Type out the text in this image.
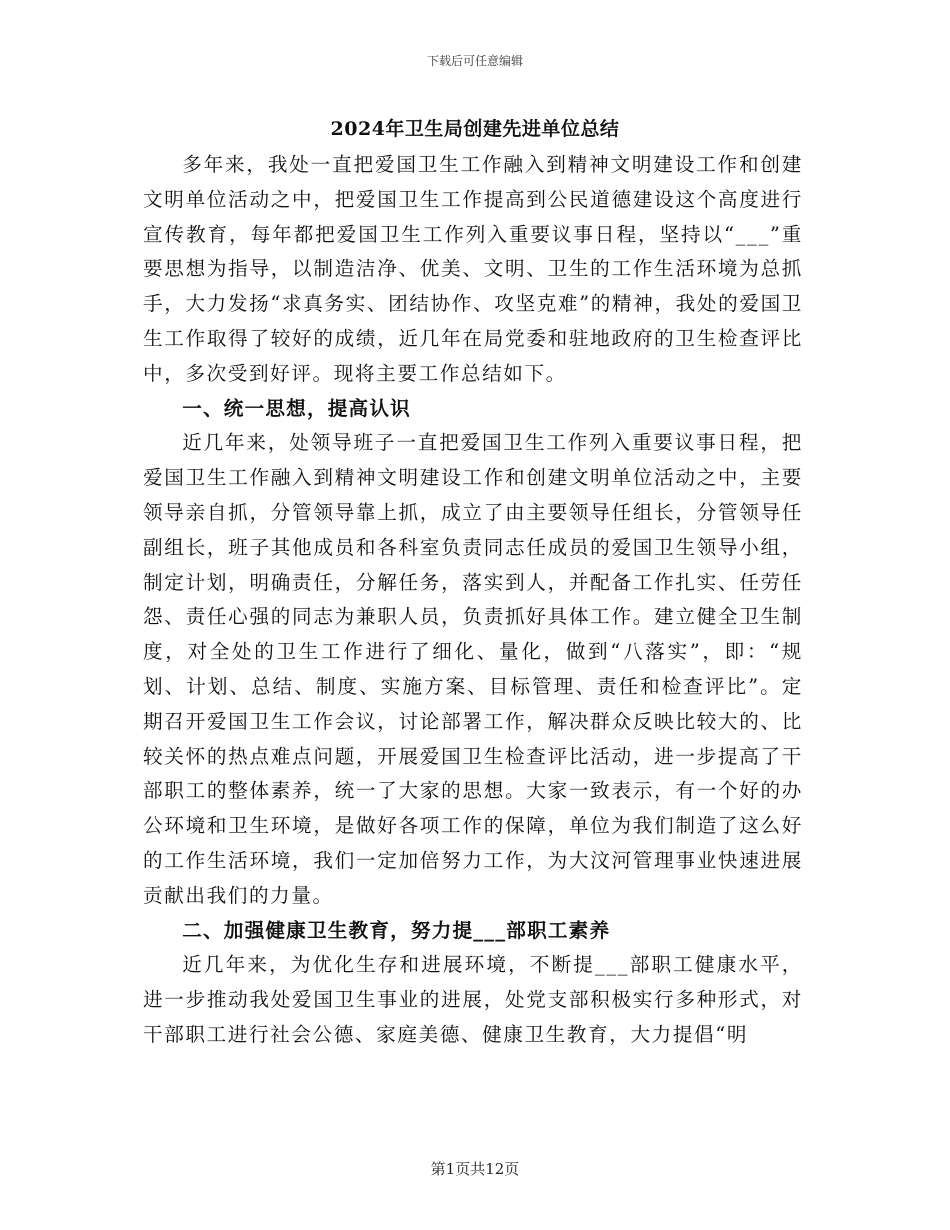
下载后可任意编辑
2024年卫生局创建先进单位总结

多年来，我处一直把爱国卫生工作融入到精神文明建设工作和创建文明单位活动之中，把爱国卫生工作提高到公民道德建设这个高度进行宣传教育，每年都把爱国卫生工作列入重要议事日程，坚持以“___”重要思想为指导，以制造洁净、优美、文明、卫生的工作生活环境为总抓手，大力发扬“求真务实、团结协作、攻坚克难”的精神，我处的爱国卫生工作取得了较好的成绩，近几年在局党委和驻地政府的卫生检查评比中，多次受到好评。现将主要工作总结如下。

一、统一思想，提高认识

近几年来，处领导班子一直把爱国卫生工作列入重要议事日程，把爱国卫生工作融入到精神文明建设工作和创建文明单位活动之中，主要领导亲自抓，分管领导靠上抓，成立了由主要领导任组长，分管领导任副组长，班子其他成员和各科室负责同志任成员的爱国卫生领导小组，制定计划，明确责任，分解任务，落实到人，并配备工作扎实、任劳任怨、责任心强的同志为兼职人员，负责抓好具体工作。建立健全卫生制度，对全处的卫生工作进行了细化、量化，做到“八落实”，即：“规划、计划、总结、制度、实施方案、目标管理、责任和检查评比”。定期召开爱国卫生工作会议，讨论部署工作，解决群众反映比较大的、比较关怀的热点难点问题，开展爱国卫生检查评比活动，进一步提高了干部职工的整体素养，统一了大家的思想。大家一致表示，有一个好的办公环境和卫生环境，是做好各项工作的保障，单位为我们制造了这么好的工作生活环境，我们一定加倍努力工作，为大汶河管理事业快速进展贡献出我们的力量。

二、加强健康卫生教育，努力提___部职工素养

近几年来，为优化生存和进展环境，不断提___部职工健康水平，进一步推动我处爱国卫生事业的进展，处党支部积极实行多种形式，对干部职工进行社会公德、家庭美德、健康卫生教育，大力提倡“明

第1页共12页
